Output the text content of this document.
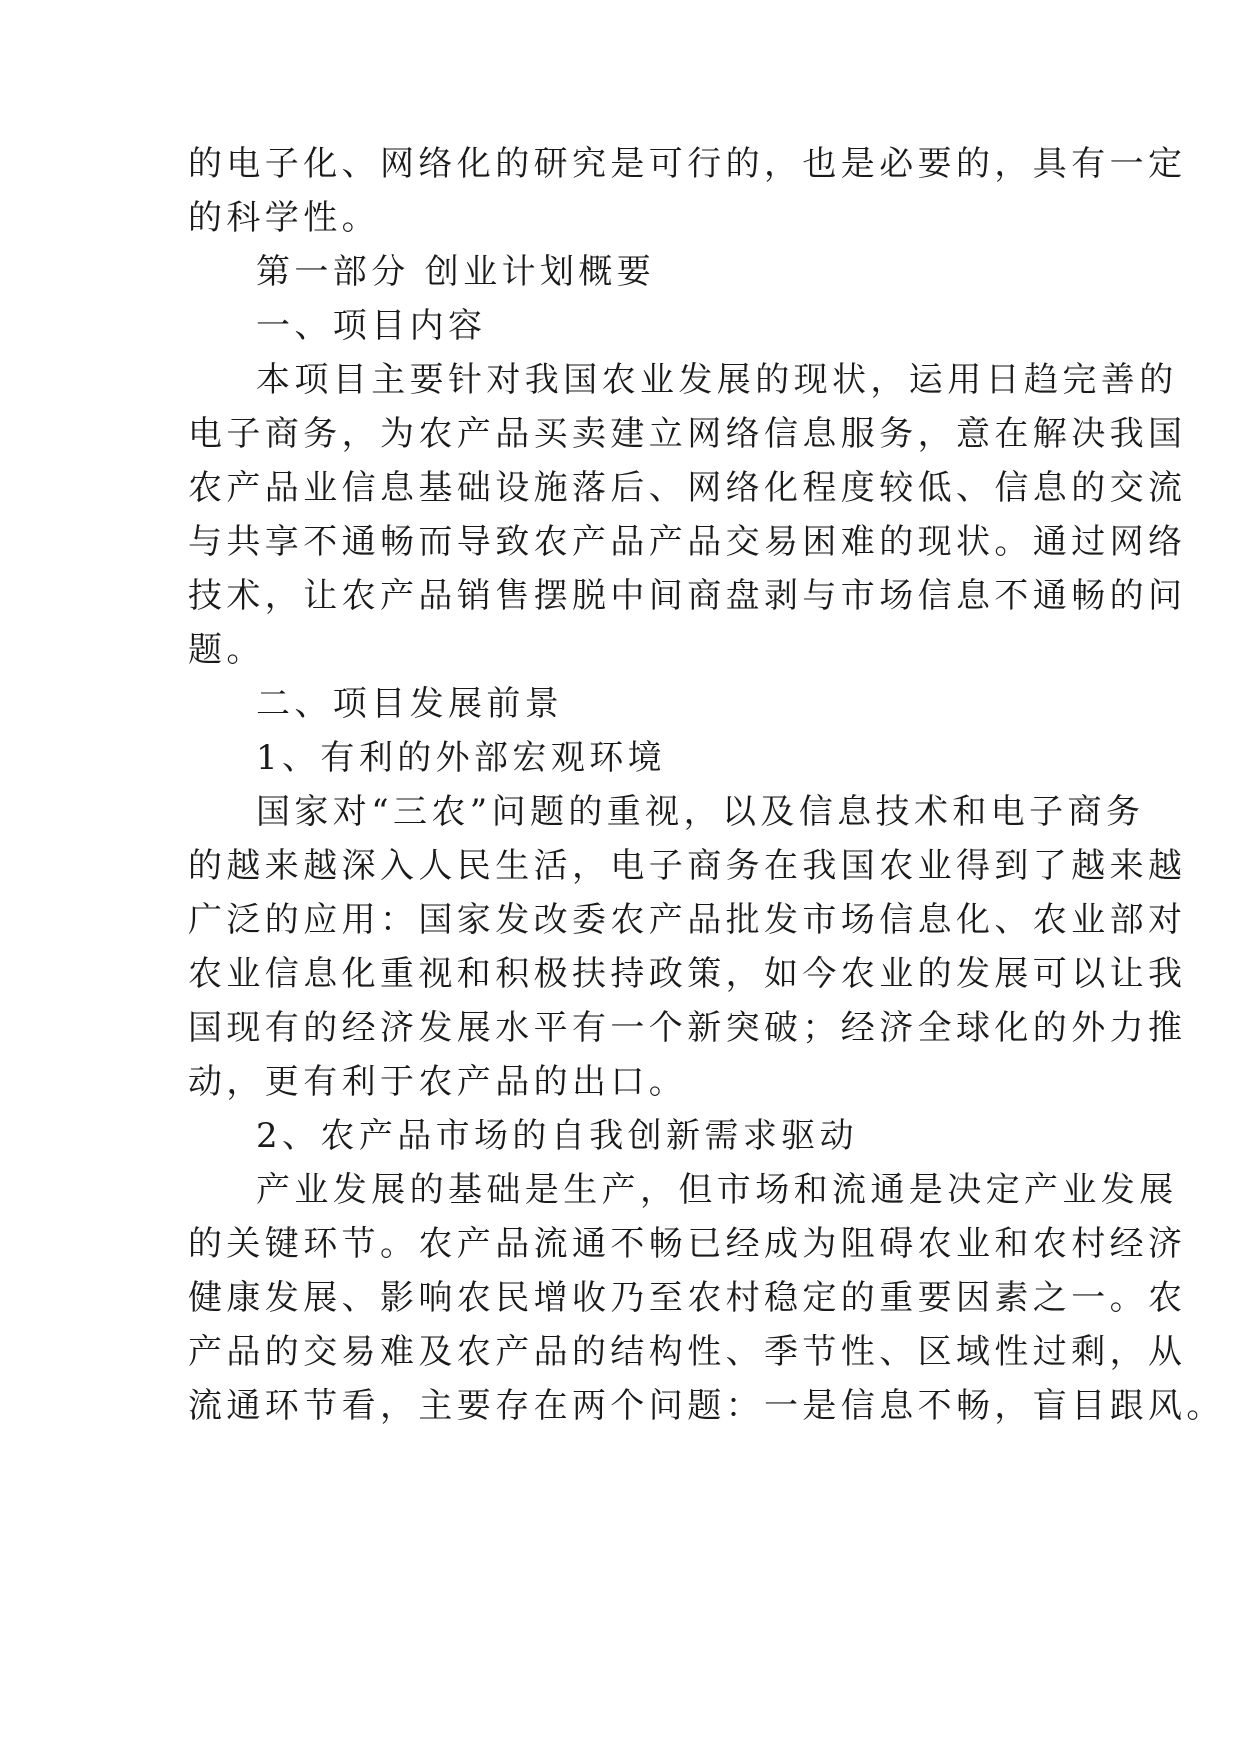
的电子化、网络化的研究是可行的，也是必要的，具有一定
的科学性。
第一部分 创业计划概要
一、项目内容
本项目主要针对我国农业发展的现状，运用日趋完善的
电子商务，为农产品买卖建立网络信息服务，意在解决我国
农产品业信息基础设施落后、网络化程度较低、信息的交流
与共享不通畅而导致农产品产品交易困难的现状。通过网络
技术，让农产品销售摆脱中间商盘剥与市场信息不通畅的问
题。
二、项目发展前景
1、有利的外部宏观环境
国家对“三农”问题的重视，以及信息技术和电子商务
的越来越深入人民生活，电子商务在我国农业得到了越来越
广泛的应用：国家发改委农产品批发市场信息化、农业部对
农业信息化重视和积极扶持政策，如今农业的发展可以让我
国现有的经济发展水平有一个新突破；经济全球化的外力推
动，更有利于农产品的出口。
2、农产品市场的自我创新需求驱动
产业发展的基础是生产，但市场和流通是决定产业发展
的关键环节。农产品流通不畅已经成为阻碍农业和农村经济
健康发展、影响农民增收乃至农村稳定的重要因素之一。农
产品的交易难及农产品的结构性、季节性、区域性过剩，从
流通环节看，主要存在两个问题：一是信息不畅，盲目跟风。
